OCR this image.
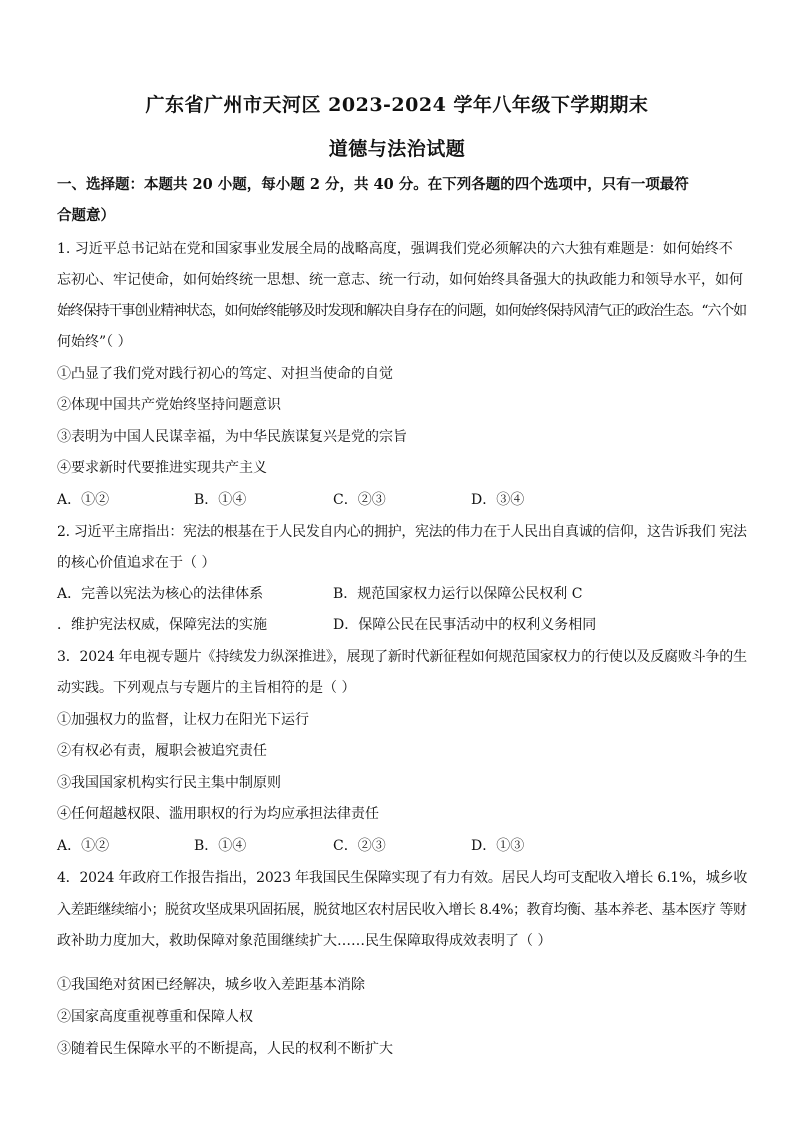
广东省广州市天河区 2023-2024 学年八年级下学期期末
道德与法治试题
一、选择题：本题共 20 小题，每小题 2 分，共 40 分。在下列各题的四个选项中，只有一项最符
合题意）
1. 习近平总书记站在党和国家事业发展全局的战略高度，强调我们党必须解决的六大独有难题是：如何始终不
忘初心、牢记使命，如何始终统一思想、统一意志、统一行动，如何始终具备强大的执政能力和领导水平，如何
始终保持干事创业精神状态，如何始终能够及时发现和解决自身存在的问题，如何始终保持风清气正的政治生态。“六个如
何始终”（ ）
①凸显了我们党对践行初心的笃定、对担当使命的自觉
②体现中国共产党始终坚持问题意识
③表明为中国人民谋幸福，为中华民族谋复兴是党的宗旨
④要求新时代要推进实现共产主义
A．①②	B．①④	C．②③	D．③④
2. 习近平主席指出：宪法的根基在于人民发自内心的拥护，宪法的伟力在于人民出自真诚的信仰，这告诉我们 宪法
的核心价值追求在于（ ）
A．完善以宪法为核心的法律体系	B．规范国家权力运行以保障公民权利 C
．维护宪法权威，保障宪法的实施	D．保障公民在民事活动中的权利义务相同
3．2024 年电视专题片《持续发力纵深推进》，展现了新时代新征程如何规范国家权力的行使以及反腐败斗争的生
动实践。下列观点与专题片的主旨相符的是（ ）
①加强权力的监督，让权力在阳光下运行
②有权必有责，履职会被追究责任
③我国国家机构实行民主集中制原则
④任何超越权限、滥用职权的行为均应承担法律责任
A．①②	B．①④	C．②③	D．①③
4．2024 年政府工作报告指出，2023 年我国民生保障实现了有力有效。居民人均可支配收入增长 6.1%，城乡收
入差距继续缩小；脱贫攻坚成果巩固拓展，脱贫地区农村居民收入增长 8.4%；教育均衡、基本养老、基本医疗 等财
政补助力度加大，救助保障对象范围继续扩大……民生保障取得成效表明了（ ）
①我国绝对贫困已经解决，城乡收入差距基本消除
②国家高度重视尊重和保障人权
③随着民生保障水平的不断提高，人民的权利不断扩大
